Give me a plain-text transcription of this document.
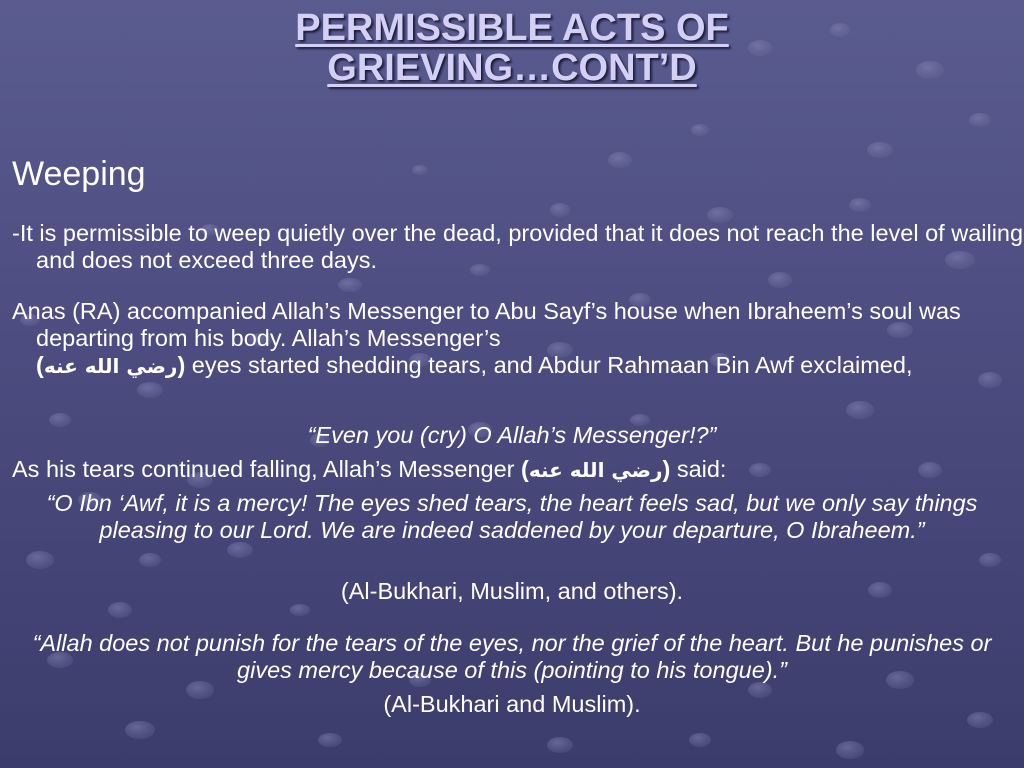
PERMISSIBLE ACTS OF
GRIEVING…CONT’D

Weeping

-It is permissible to weep quietly over the dead, provided that it does not reach the level of wailing and does not exceed three days.

Anas (RA) accompanied Allah’s Messenger to Abu Sayf’s house when Ibraheem’s soul was departing from his body. Allah’s Messenger’s
(رضي الله عنه) eyes started shedding tears, and Abdur Rahmaan Bin Awf exclaimed,

“Even you (cry) O Allah’s Messenger!?”

As his tears continued falling, Allah’s Messenger (رضي الله عنه) said:

“O Ibn ‘Awf, it is a mercy! The eyes shed tears, the heart feels sad, but we only say things pleasing to our Lord. We are indeed saddened by your departure, O Ibraheem.”

(Al-Bukhari, Muslim, and others).

“Allah does not punish for the tears of the eyes, nor the grief of the heart. But he punishes or gives mercy because of this (pointing to his tongue).”

(Al-Bukhari and Muslim).
